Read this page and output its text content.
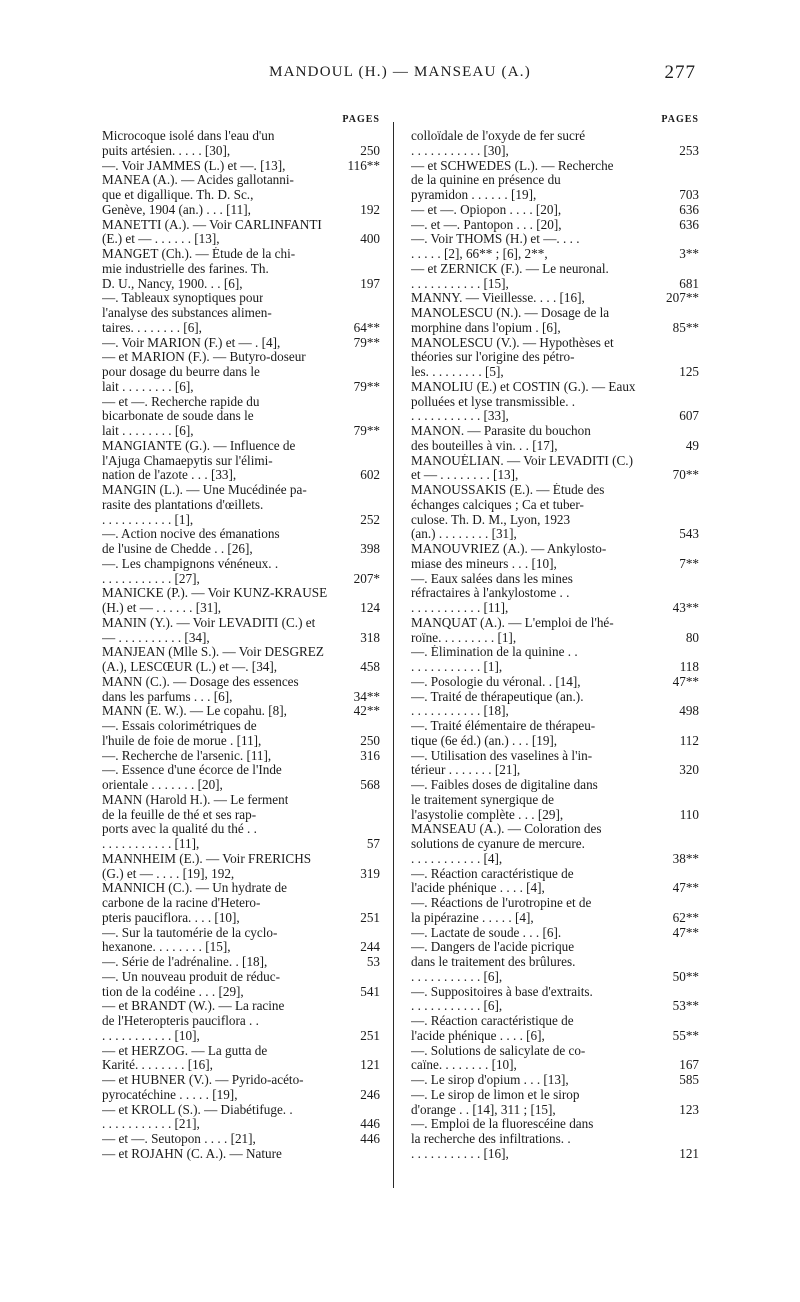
MANDOUL (H.) — MANSEAU (A.)	277
PAGES
Microcoque isolé dans l'eau d'un
puits artésien. . . . . [30],	250
—. Voir JAMMES (L.) et —. [13],	116**
MANEA (A.). — Acides gallotanni-
que et digallique. Th. D. Sc.,
Genève, 1904 (an.) . . . [11],	192
MANETTI (A.). — Voir CARLINFANTI
(E.) et — . . . . . . [13],	400
MANGET (Ch.). — Étude de la chi-
mie industrielle des farines. Th.
D. U., Nancy, 1900. . . [6],	197
—. Tableaux synoptiques pour
l'analyse des substances alimen-
taires. . . . . . . . [6],	64**
—. Voir MARION (F.) et — . [4],	79**
— et MARION (F.). — Butyro-doseur
pour dosage du beurre dans le
lait . . . . . . . . [6],	79**
— et —. Recherche rapide du
bicarbonate de soude dans le
lait . . . . . . . . [6],	79**
MANGIANTE (G.). — Influence de
l'Ajuga Chamaepytis sur l'élimi-
nation de l'azote . . . [33],	602
MANGIN (L.). — Une Mucédinée pa-
rasite des plantations d'œillets.
. . . . . . . . . . . [1],	252
—. Action nocive des émanations
de l'usine de Chedde . . [26],	398
—. Les champignons vénéneux. .
. . . . . . . . . . . [27],	207*
MANICKE (P.). — Voir KUNZ-KRAUSE
(H.) et — . . . . . . [31],	124
MANIN (Y.). — Voir LEVADITI (C.) et
— . . . . . . . . . . [34],	318
MANJEAN (Mlle S.). — Voir DESGREZ
(A.), LESCŒUR (L.) et —. [34],	458
MANN (C.). — Dosage des essences
dans les parfums . . . [6],	34**
MANN (E. W.). — Le copahu. [8],	42**
—. Essais colorimétriques de
l'huile de foie de morue . [11],	250
—. Recherche de l'arsenic. [11],	316
—. Essence d'une écorce de l'Inde
orientale . . . . . . . [20],	568
MANN (Harold H.). — Le ferment
de la feuille de thé et ses rap-
ports avec la qualité du thé . .
. . . . . . . . . . . [11],	57
MANNHEIM (E.). — Voir FRERICHS
(G.) et — . . . . [19], 192,	319
MANNICH (C.). — Un hydrate de
carbone de la racine d'Hetero-
pteris pauciflora. . . . [10],	251
—. Sur la tautomérie de la cyclo-
hexanone. . . . . . . . [15],	244
—. Série de l'adrénaline. . [18],	53
—. Un nouveau produit de réduc-
tion de la codéine . . . [29],	541
— et BRANDT (W.). — La racine
de l'Heteropteris pauciflora . .
. . . . . . . . . . . [10],	251
— et HERZOG. — La gutta de
Karité. . . . . . . . [16],	121
— et HUBNER (V.). — Pyrido-acéto-
pyrocatéchine . . . . . [19],	246
— et KROLL (S.). — Diabétifuge. .
. . . . . . . . . . . [21],	446
— et —. Seutopon . . . . [21],	446
— et ROJAHN (C. A.). — Nature
PAGES
colloïdale de l'oxyde de fer sucré
. . . . . . . . . . . [30],	253
— et SCHWEDES (L.). — Recherche
de la quinine en présence du
pyramidon . . . . . . [19],	703
— et —. Opiopon . . . . [20],	636
—. et —. Pantopon . . . [20],	636
—. Voir THOMS (H.) et —. . . .
. . . . . [2], 66** ; [6], 2**,	3**
— et ZERNICK (F.). — Le neuronal.
. . . . . . . . . . . [15],	681
MANNY. — Vieillesse. . . . [16],	207**
MANOLESCU (N.). — Dosage de la
morphine dans l'opium . [6],	85**
MANOLESCU (V.). — Hypothèses et
théories sur l'origine des pétro-
les. . . . . . . . . [5],	125
MANOLIU (E.) et COSTIN (G.). — Eaux
polluées et lyse transmissible. .
. . . . . . . . . . . [33],	607
MANON. — Parasite du bouchon
des bouteilles à vin. . . [17],	49
MANOUÉLIAN. — Voir LEVADITI (C.)
et — . . . . . . . . [13],	70**
MANOUSSAKIS (E.). — Étude des
échanges calciques ; Ca et tuber-
culose. Th. D. M., Lyon, 1923
(an.) . . . . . . . . [31],	543
MANOUVRIEZ (A.). — Ankylosto-
miase des mineurs . . . [10],	7**
—. Eaux salées dans les mines
réfractaires à l'ankylostome . .
. . . . . . . . . . . [11],	43**
MANQUAT (A.). — L'emploi de l'hé-
roïne. . . . . . . . . [1],	80
—. Élimination de la quinine . .
. . . . . . . . . . . [1],	118
—. Posologie du véronal. . [14],	47**
—. Traité de thérapeutique (an.).
. . . . . . . . . . . [18],	498
—. Traité élémentaire de thérapeu-
tique (6e éd.) (an.) . . . [19],	112
—. Utilisation des vaselines à l'in-
térieur . . . . . . . [21],	320
—. Faibles doses de digitaline dans
le traitement synergique de
l'asystolie complète . . . [29],	110
MANSEAU (A.). — Coloration des
solutions de cyanure de mercure.
. . . . . . . . . . . [4],	38**
—. Réaction caractéristique de
l'acide phénique . . . . [4],	47**
—. Réactions de l'urotropine et de
la pipérazine . . . . . [4],	62**
—. Lactate de soude . . . [6].	47**
—. Dangers de l'acide picrique
dans le traitement des brûlures.
. . . . . . . . . . . [6],	50**
—. Suppositoires à base d'extraits.
. . . . . . . . . . . [6],	53**
—. Réaction caractéristique de
l'acide phénique . . . . [6],	55**
—. Solutions de salicylate de co-
caïne. . . . . . . . [10],	167
—. Le sirop d'opium . . . [13],	585
—. Le sirop de limon et le sirop
d'orange . . [14], 311 ; [15],	123
—. Emploi de la fluorescéine dans
la recherche des infiltrations. .
. . . . . . . . . . . [16],	121
